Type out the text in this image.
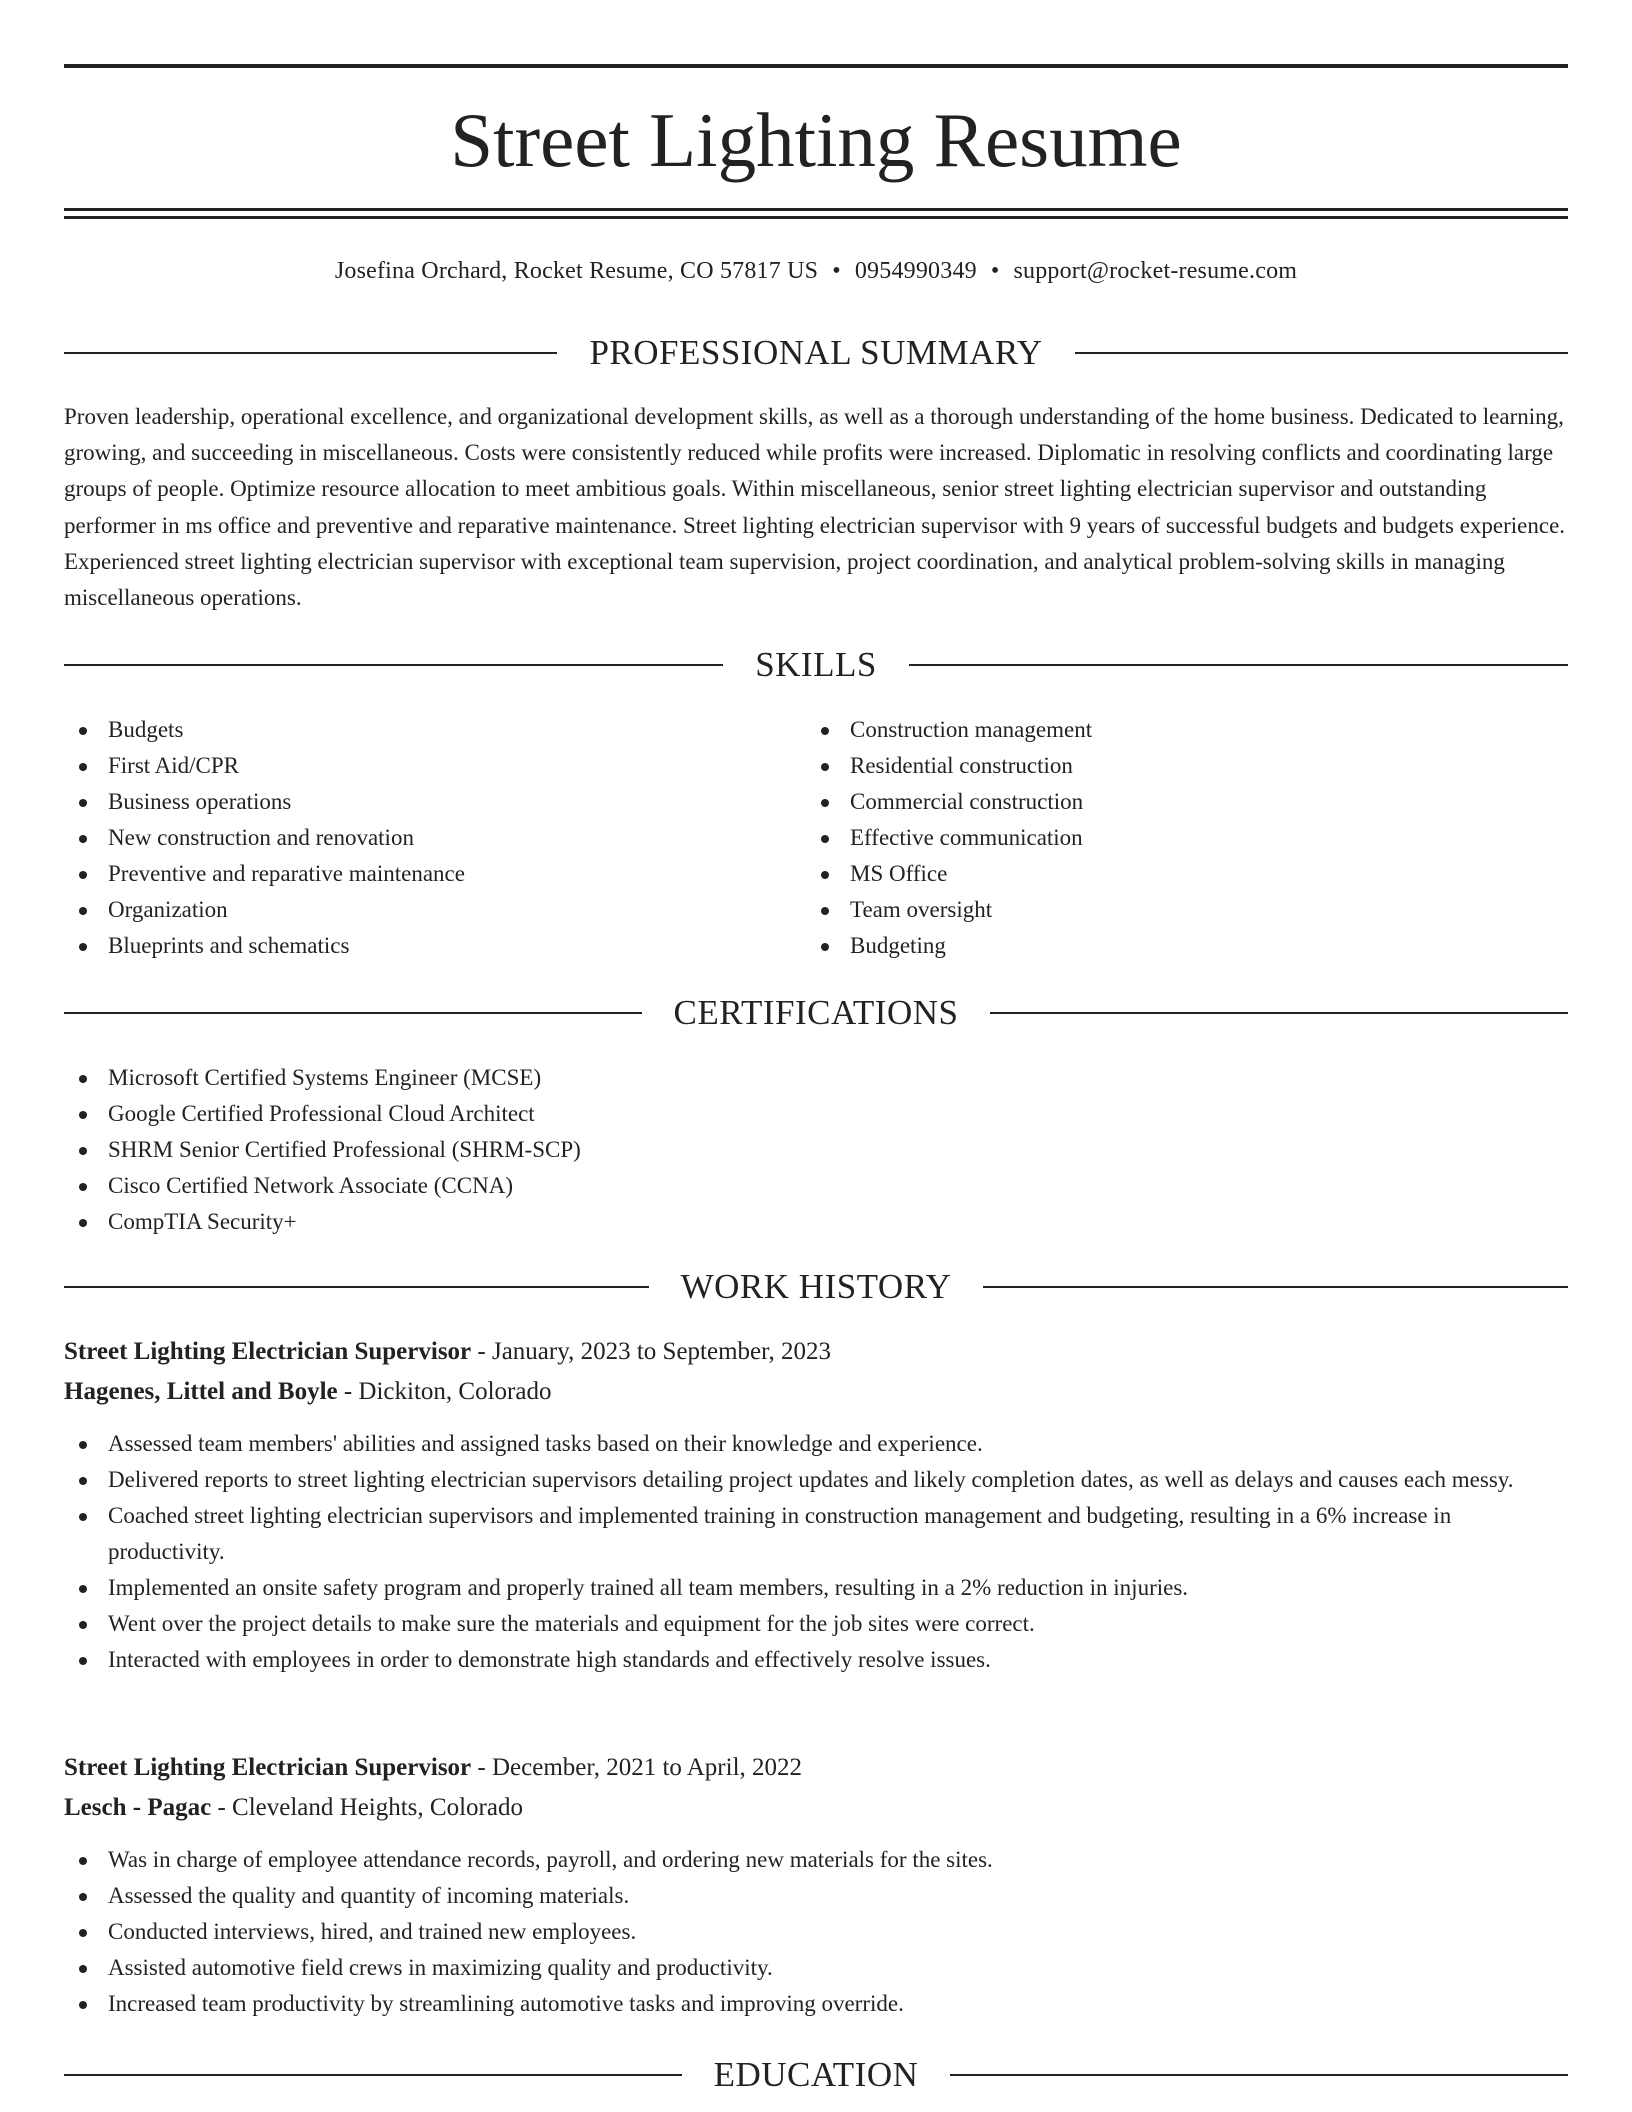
Street Lighting Resume
Josefina Orchard, Rocket Resume, CO 57817 US • 0954990349 • support@rocket-resume.com
PROFESSIONAL SUMMARY

Proven leadership, operational excellence, and organizational development skills, as well as a thorough understanding of the home business. Dedicated to learning, growing, and succeeding in miscellaneous. Costs were consistently reduced while profits were increased. Diplomatic in resolving conflicts and coordinating large groups of people. Optimize resource allocation to meet ambitious goals. Within miscellaneous, senior street lighting electrician supervisor and outstanding performer in ms office and preventive and reparative maintenance. Street lighting electrician supervisor with 9 years of successful budgets and budgets experience. Experienced street lighting electrician supervisor with exceptional team supervision, project coordination, and analytical problem-solving skills in managing miscellaneous operations.

SKILLS
Budgets
First Aid/CPR
Business operations
New construction and renovation
Preventive and reparative maintenance
Organization
Blueprints and schematics
Construction management
Residential construction
Commercial construction
Effective communication
MS Office
Team oversight
Budgeting
CERTIFICATIONS
Microsoft Certified Systems Engineer (MCSE)
Google Certified Professional Cloud Architect
SHRM Senior Certified Professional (SHRM-SCP)
Cisco Certified Network Associate (CCNA)
CompTIA Security+
WORK HISTORY
Street Lighting Electrician Supervisor - January, 2023 to September, 2023
Hagenes, Littel and Boyle - Dickiton, Colorado
Assessed team members' abilities and assigned tasks based on their knowledge and experience.
Delivered reports to street lighting electrician supervisors detailing project updates and likely completion dates, as well as delays and causes each messy.
Coached street lighting electrician supervisors and implemented training in construction management and budgeting, resulting in a 6% increase in productivity.
Implemented an onsite safety program and properly trained all team members, resulting in a 2% reduction in injuries.
Went over the project details to make sure the materials and equipment for the job sites were correct.
Interacted with employees in order to demonstrate high standards and effectively resolve issues.
Street Lighting Electrician Supervisor - December, 2021 to April, 2022
Lesch - Pagac - Cleveland Heights, Colorado
Was in charge of employee attendance records, payroll, and ordering new materials for the sites.
Assessed the quality and quantity of incoming materials.
Conducted interviews, hired, and trained new employees.
Assisted automotive field crews in maximizing quality and productivity.
Increased team productivity by streamlining automotive tasks and improving override.
EDUCATION
